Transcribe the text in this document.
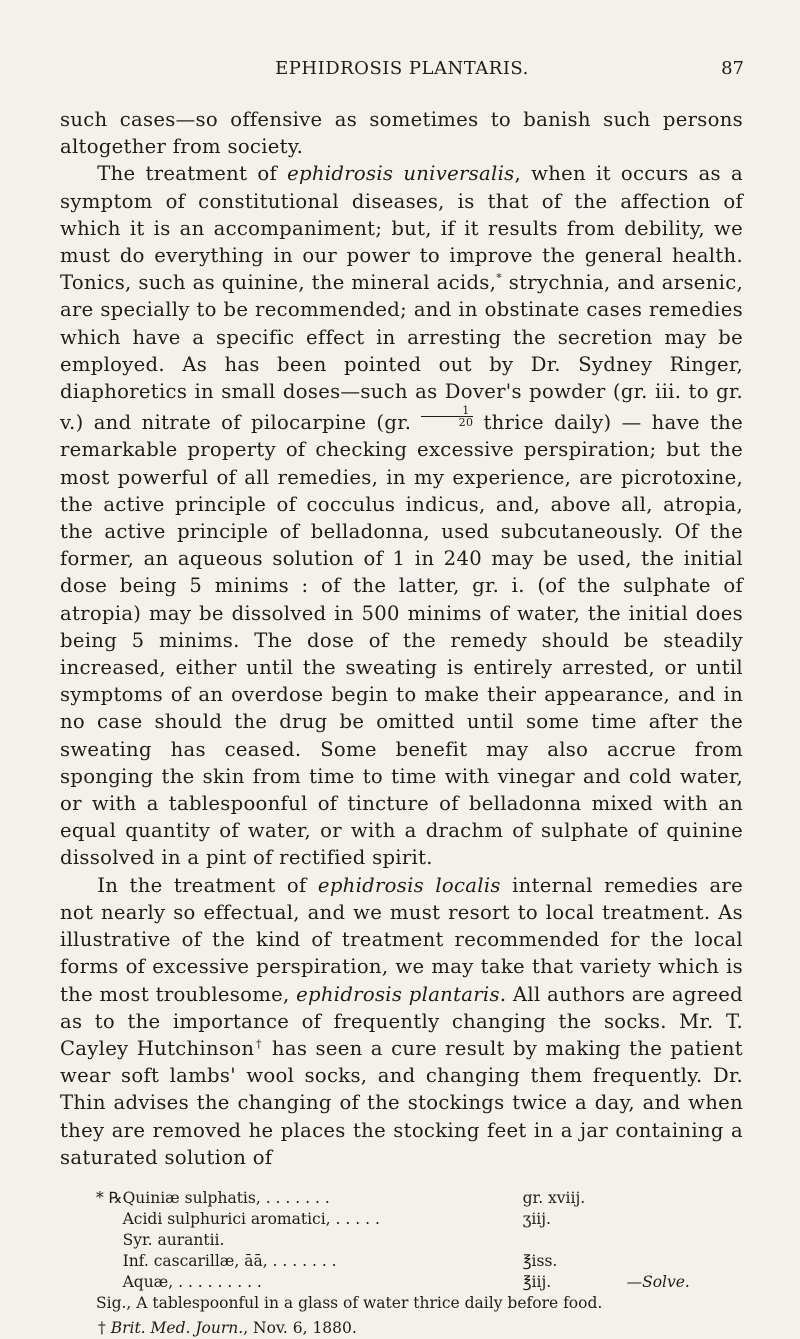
EPHIDROSIS PLANTARIS.	87

such cases—so offensive as sometimes to banish such persons altogether from society.

The treatment of ephidrosis universalis, when it occurs as a symptom of constitutional diseases, is that of the affection of which it is an accompaniment; but, if it results from debility, we must do everything in our power to improve the general health. Tonics, such as quinine, the mineral acids,* strychnia, and arsenic, are specially to be recommended; and in obstinate cases remedies which have a specific effect in arresting the secretion may be employed. As has been pointed out by Dr. Sydney Ringer, diaphoretics in small doses—such as Dover's powder (gr. iii. to gr. v.) and nitrate of pilocarpine (gr. $\frac{1}{20}$ thrice daily) — have the remarkable property of checking excessive perspiration; but the most powerful of all remedies, in my experience, are picrotoxine, the active principle of cocculus indicus, and, above all, atropia, the active principle of belladonna, used subcutaneously. Of the former, an aqueous solution of 1 in 240 may be used, the initial dose being 5 minims : of the latter, gr. i. (of the sulphate of atropia) may be dissolved in 500 minims of water, the initial does being 5 minims. The dose of the remedy should be steadily increased, either until the sweating is entirely arrested, or until symptoms of an overdose begin to make their appearance, and in no case should the drug be omitted until some time after the sweating has ceased. Some benefit may also accrue from sponging the skin from time to time with vinegar and cold water, or with a tablespoonful of tincture of belladonna mixed with an equal quantity of water, or with a drachm of sulphate of quinine dissolved in a pint of rectified spirit.

In the treatment of ephidrosis localis internal remedies are not nearly so effectual, and we must resort to local treatment. As illustrative of the kind of treatment recommended for the local forms of excessive perspiration, we may take that variety which is the most troublesome, ephidrosis plantaris. All authors are agreed as to the importance of frequently changing the socks. Mr. T. Cayley Hutchinson† has seen a cure result by making the patient wear soft lambs' wool socks, and changing them frequently. Dr. Thin advises the changing of the stockings twice a day, and when they are removed he places the stocking feet in a jar containing a saturated solution of

* ℞	Quiniæ sulphatis, . . . . . . .	gr. xviij.	
	Acidi sulphurici aromatici, . . . . .	ʒiij.	
	Syr. aurantii.		
	Inf. cascarillæ, āā, . . . . . . .	℥iss.	
	Aquæ, . . . . . . . . .	℥iij.	—Solve.
Sig., A tablespoonful in a glass of water thrice daily before food.
† Brit. Med. Journ., Nov. 6, 1880.
